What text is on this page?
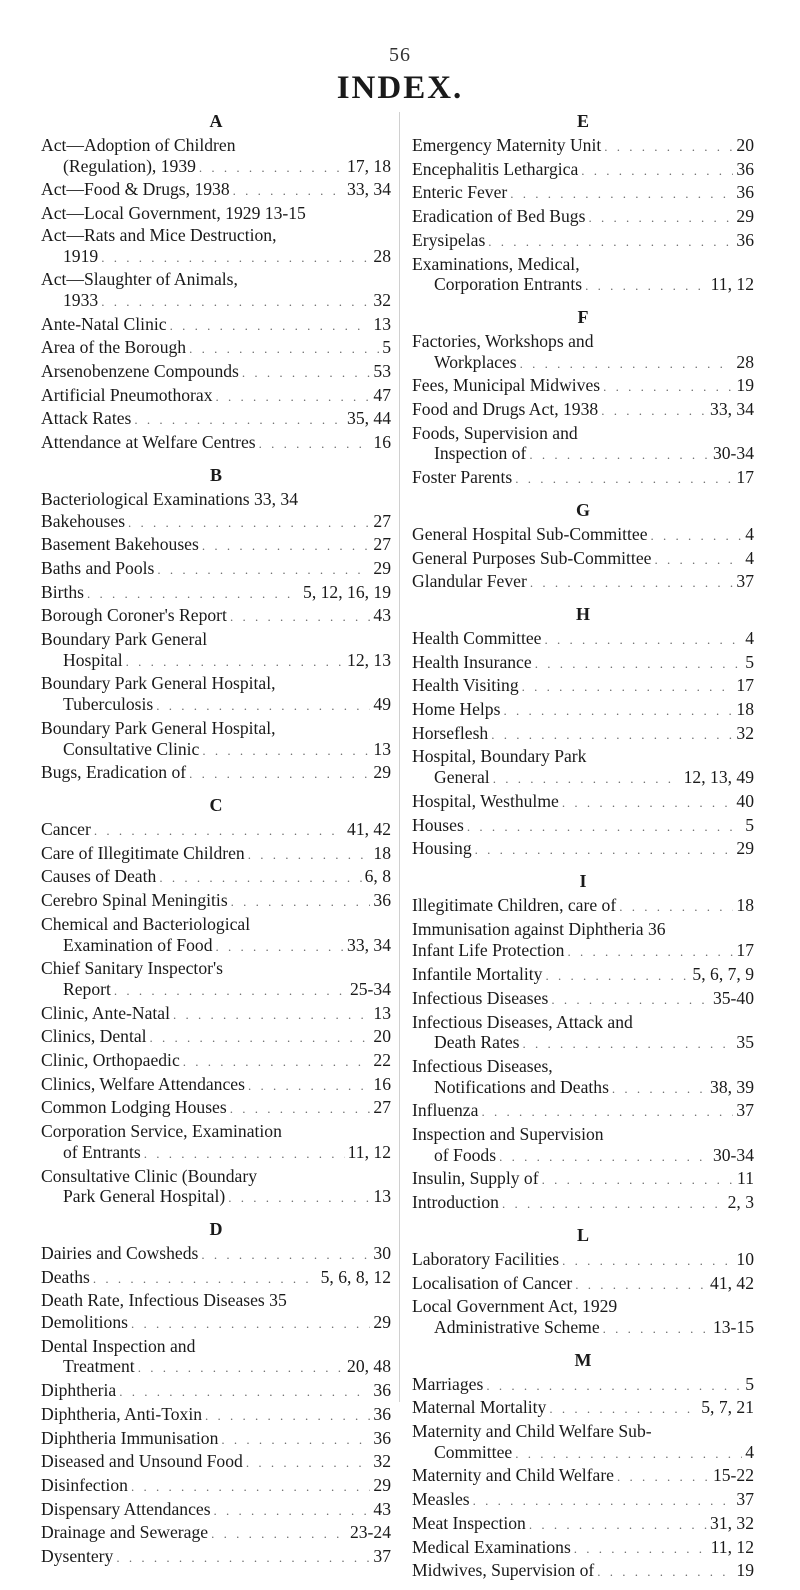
56
INDEX.
A
Act—Adoption of Children
(Regulation), 1939 . . .	17, 18
Act—Food & Drugs, 1938 . . .	33, 34
Act—Local Government, 1929 13-15
Act—Rats and Mice Destruction,
1919 . . .	28
Act—Slaughter of Animals,
1933 . . .	32
Ante-Natal Clinic . . .	13
Area of the Borough . . .	5
Arsenobenzene Compounds . . .	53
Artificial Pneumothorax . . .	47
Attack Rates . . .	35, 44
Attendance at Welfare Centres . . .	16
B
Bacteriological Examinations 33, 34
Bakehouses . . .	27
Basement Bakehouses . . .	27
Baths and Pools . . .	29
Births . . .	5, 12, 16, 19
Borough Coroner's Report . . .	43
Boundary Park General
Hospital . . .	12, 13
Boundary Park General Hospital,
Tuberculosis . . .	49
Boundary Park General Hospital,
Consultative Clinic . . .	13
Bugs, Eradication of . . .	29
C
Cancer . . .	41, 42
Care of Illegitimate Children . . .	18
Causes of Death . . .	6, 8
Cerebro Spinal Meningitis . . .	36
Chemical and Bacteriological
Examination of Food . . .	33, 34
Chief Sanitary Inspector's
Report . . .	25-34
Clinic, Ante-Natal . . .	13
Clinics, Dental . . .	20
Clinic, Orthopaedic . . .	22
Clinics, Welfare Attendances . . .	16
Common Lodging Houses . . .	27
Corporation Service, Examination
of Entrants . . .	11, 12
Consultative Clinic (Boundary
Park General Hospital) . . .	13
D
Dairies and Cowsheds . . .	30
Deaths . . .	5, 6, 8, 12
Death Rate, Infectious Diseases 35
Demolitions . . .	29
Dental Inspection and
Treatment . . .	20, 48
Diphtheria . . .	36
Diphtheria, Anti-Toxin . . .	36
Diphtheria Immunisation . . .	36
Diseased and Unsound Food . . .	32
Disinfection . . .	29
Dispensary Attendances . . .	43
Drainage and Sewerage . . .	23-24
Dysentery . . .	37
E
Emergency Maternity Unit . . .	20
Encephalitis Lethargica . . .	36
Enteric Fever . . .	36
Eradication of Bed Bugs . . .	29
Erysipelas . . .	36
Examinations, Medical,
Corporation Entrants . . .	11, 12
F
Factories, Workshops and
Workplaces . . .	28
Fees, Municipal Midwives . . .	19
Food and Drugs Act, 1938 . . .	33, 34
Foods, Supervision and
Inspection of . . .	30-34
Foster Parents . . .	17
G
General Hospital Sub-Committee . . .	4
General Purposes Sub-Committee . . .	4
Glandular Fever . . .	37
H
Health Committee . . .	4
Health Insurance . . .	5
Health Visiting . . .	17
Home Helps . . .	18
Horseflesh . . .	32
Hospital, Boundary Park
General . . .	12, 13, 49
Hospital, Westhulme . . .	40
Houses . . .	5
Housing . . .	29
I
Illegitimate Children, care of . . .	18
Immunisation against Diphtheria 36
Infant Life Protection . . .	17
Infantile Mortality . . .	5, 6, 7, 9
Infectious Diseases . . .	35-40
Infectious Diseases, Attack and
Death Rates . . .	35
Infectious Diseases,
Notifications and Deaths . . .	38, 39
Influenza . . .	37
Inspection and Supervision
of Foods . . .	30-34
Insulin, Supply of . . .	11
Introduction . . .	2, 3
L
Laboratory Facilities . . .	10
Localisation of Cancer . . .	41, 42
Local Government Act, 1929
Administrative Scheme . . .	13-15
M
Marriages . . .	5
Maternal Mortality . . .	5, 7, 21
Maternity and Child Welfare Sub-
Committee . . .	4
Maternity and Child Welfare . . .	15-22
Measles . . .	37
Meat Inspection . . .	31, 32
Medical Examinations . . .	11, 12
Midwives, Supervision of . . .	19
